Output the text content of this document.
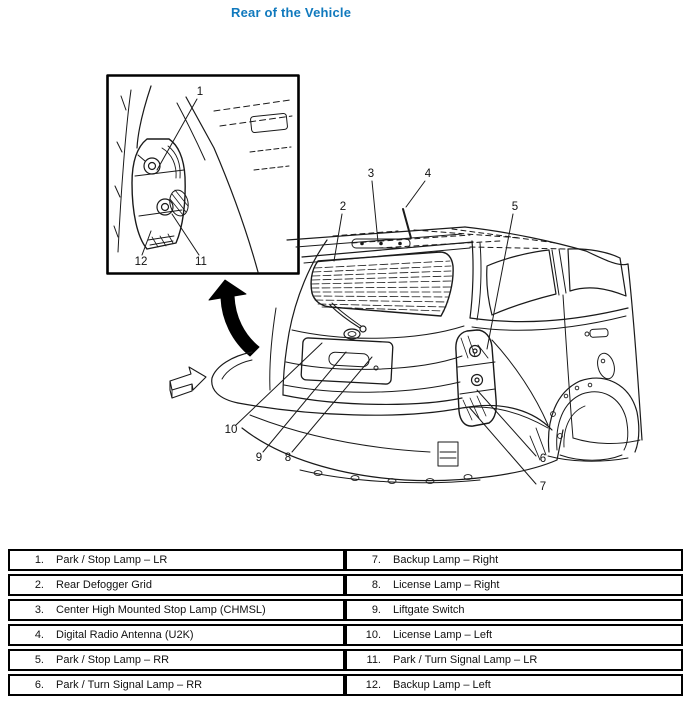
Rear of the Vehicle
1
2
3	4
5
6
7
8
9
10
11
12
1. Park / Stop Lamp – LR
2. Rear Defogger Grid
3. Center High Mounted Stop Lamp (CHMSL)
4. Digital Radio Antenna (U2K)
5. Park / Stop Lamp – RR
6. Park / Turn Signal Lamp – RR
7. Backup Lamp – Right
8. License Lamp – Right
9. Liftgate Switch
10. License Lamp – Left
11. Park / Turn Signal Lamp – LR
12. Backup Lamp – Left
